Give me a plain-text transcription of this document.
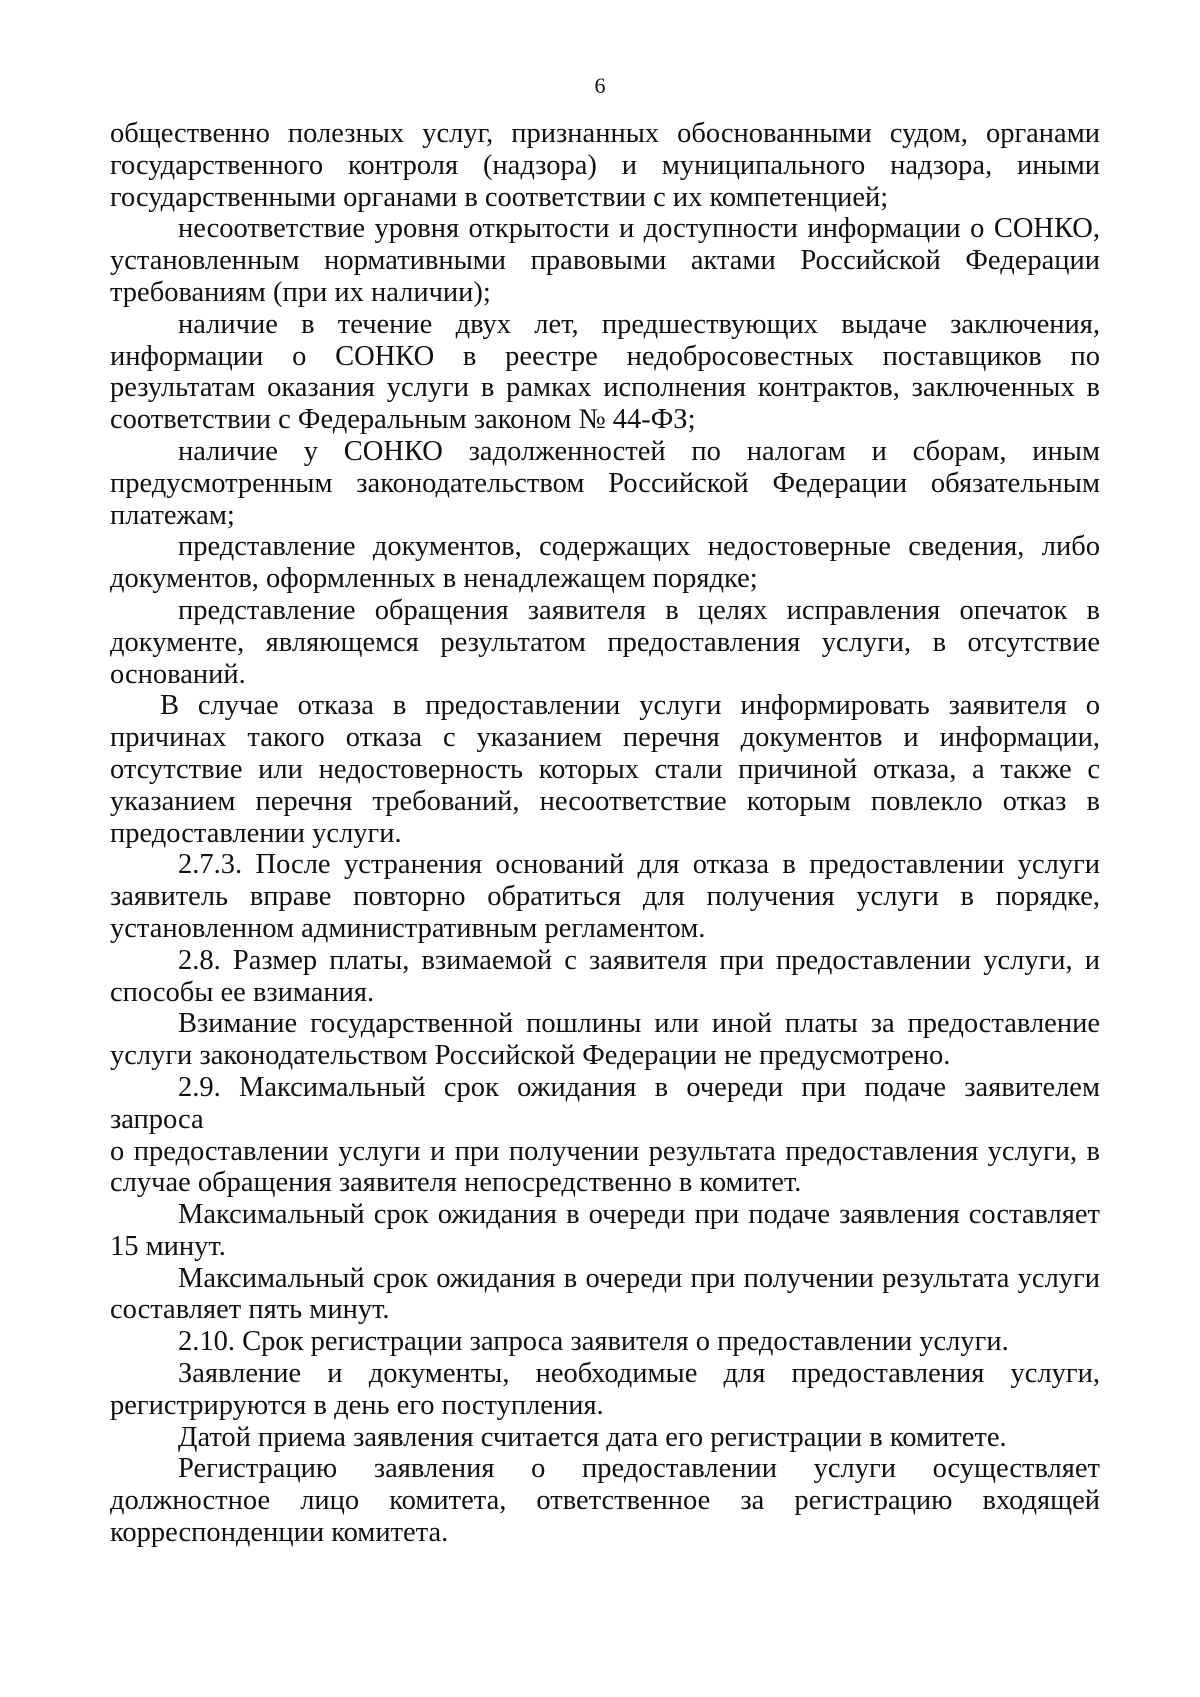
6

общественно полезных услуг, признанных обоснованными судом, органами государственного контроля (надзора) и муниципального надзора, иными государственными органами в соответствии с их компетенцией;

несоответствие уровня открытости и доступности информации о СОНКО, установленным нормативными правовыми актами Российской Федерации требованиям (при их наличии);

наличие в течение двух лет, предшествующих выдаче заключения, информации о СОНКО в реестре недобросовестных поставщиков по результатам оказания услуги в рамках исполнения контрактов, заключенных в соответствии с Федеральным законом № 44-ФЗ;

наличие у СОНКО задолженностей по налогам и сборам, иным предусмотренным законодательством Российской Федерации обязательным платежам;

представление документов, содержащих недостоверные сведения, либо документов, оформленных в ненадлежащем порядке;

представление обращения заявителя в целях исправления опечаток в документе, являющемся результатом предоставления услуги, в отсутствие оснований.

В случае отказа в предоставлении услуги информировать заявителя о причинах такого отказа с указанием перечня документов и информации, отсутствие или недостоверность которых стали причиной отказа, а также с указанием перечня требований, несоответствие которым повлекло отказ в предоставлении услуги.

2.7.3. После устранения оснований для отказа в предоставлении услуги заявитель вправе повторно обратиться для получения услуги в порядке, установленном административным регламентом.

2.8. Размер платы, взимаемой с заявителя при предоставлении услуги, и способы ее взимания.

Взимание государственной пошлины или иной платы за предоставление услуги законодательством Российской Федерации не предусмотрено.

2.9. Максимальный срок ожидания в очереди при подаче заявителем запроса

о предоставлении услуги и при получении результата предоставления услуги, в случае обращения заявителя непосредственно в комитет.

Максимальный срок ожидания в очереди при подаче заявления составляет 15 минут.

Максимальный срок ожидания в очереди при получении результата услуги составляет пять минут.

2.10. Срок регистрации запроса заявителя о предоставлении услуги.

Заявление и документы, необходимые для предоставления услуги, регистрируются в день его поступления.

Датой приема заявления считается дата его регистрации в комитете.

Регистрацию заявления о предоставлении услуги осуществляет должностное лицо комитета, ответственное за регистрацию входящей корреспонденции комитета.
